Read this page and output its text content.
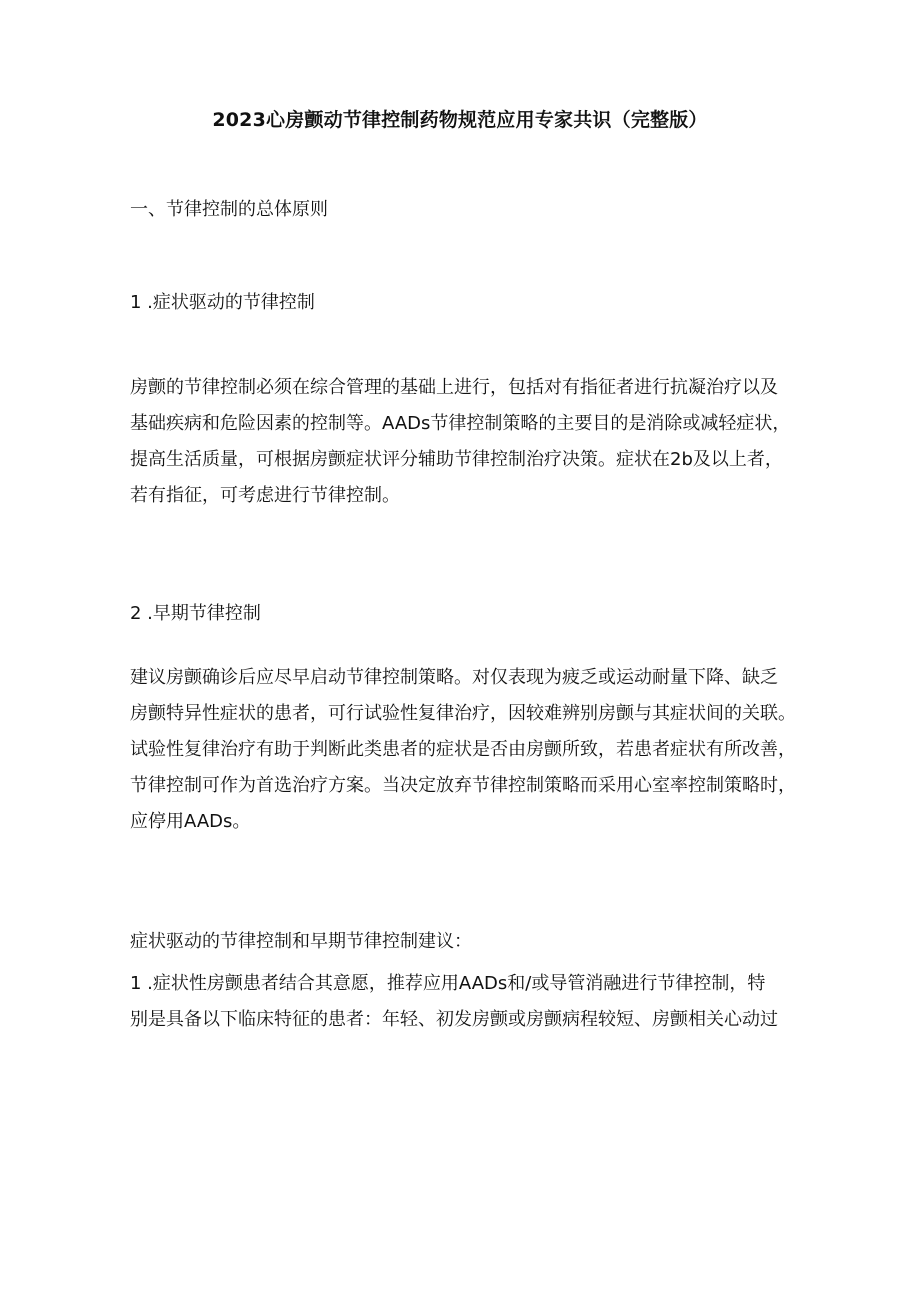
2023心房颤动节律控制药物规范应用专家共识（完整版）
一、节律控制的总体原则
1 .症状驱动的节律控制
房颤的节律控制必须在综合管理的基础上进行，包括对有指征者进行抗凝治疗以及
基础疾病和危险因素的控制等。AADs节律控制策略的主要目的是消除或减轻症状，
提高生活质量，可根据房颤症状评分辅助节律控制治疗决策。症状在2b及以上者，
若有指征，可考虑进行节律控制。
2 .早期节律控制
建议房颤确诊后应尽早启动节律控制策略。对仅表现为疲乏或运动耐量下降、缺乏
房颤特异性症状的患者，可行试验性复律治疗，因较难辨别房颤与其症状间的关联。
试验性复律治疗有助于判断此类患者的症状是否由房颤所致，若患者症状有所改善，
节律控制可作为首选治疗方案。当决定放弃节律控制策略而采用心室率控制策略时，
应停用AADs。
症状驱动的节律控制和早期节律控制建议：
1 .症状性房颤患者结合其意愿，推荐应用AADs和/或导管消融进行节律控制，特
别是具备以下临床特征的患者：年轻、初发房颤或房颤病程较短、房颤相关心动过
